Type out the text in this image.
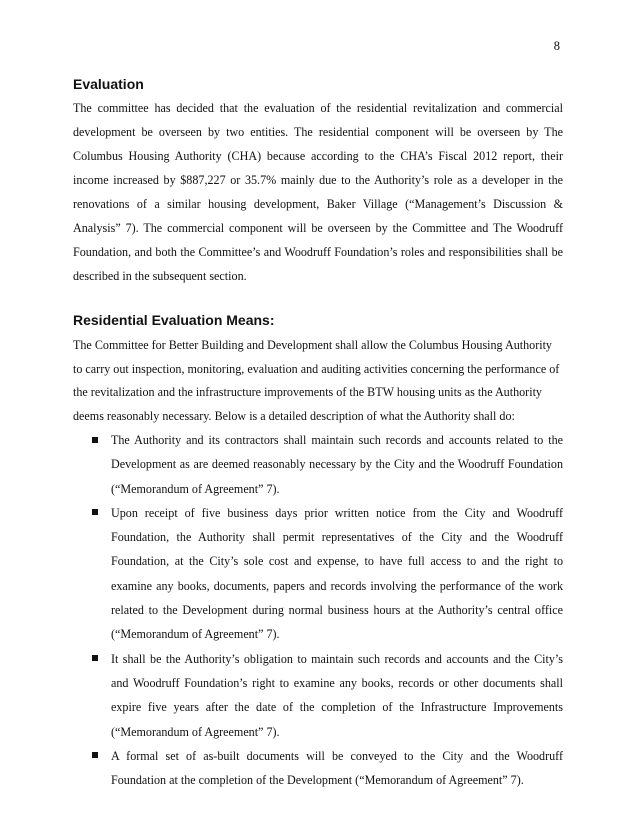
8
Evaluation

The committee has decided that the evaluation of the residential revitalization and commercial development be overseen by two entities. The residential component will be overseen by The Columbus Housing Authority (CHA) because according to the CHA’s Fiscal 2012 report, their income increased by $887,227 or 35.7% mainly due to the Authority’s role as a developer in the renovations of a similar housing development, Baker Village (“Management’s Discussion & Analysis” 7). The commercial component will be overseen by the Committee and The Woodruff Foundation, and both the Committee’s and Woodruff Foundation’s roles and responsibilities shall be described in the subsequent section.

Residential Evaluation Means:

The Committee for Better Building and Development shall allow the Columbus Housing Authority to carry out inspection, monitoring, evaluation and auditing activities concerning the performance of the revitalization and the infrastructure improvements of the BTW housing units as the Authority deems reasonably necessary. Below is a detailed description of what the Authority shall do:

The Authority and its contractors shall maintain such records and accounts related to the Development as are deemed reasonably necessary by the City and the Woodruff Foundation (“Memorandum of Agreement” 7).
Upon receipt of five business days prior written notice from the City and Woodruff Foundation, the Authority shall permit representatives of the City and the Woodruff Foundation, at the City’s sole cost and expense, to have full access to and the right to examine any books, documents, papers and records involving the performance of the work related to the Development during normal business hours at the Authority’s central office (“Memorandum of Agreement” 7).
It shall be the Authority’s obligation to maintain such records and accounts and the City’s and Woodruff Foundation’s right to examine any books, records or other documents shall expire five years after the date of the completion of the Infrastructure Improvements (“Memorandum of Agreement” 7).
A formal set of as-built documents will be conveyed to the City and the Woodruff Foundation at the completion of the Development (“Memorandum of Agreement” 7).
